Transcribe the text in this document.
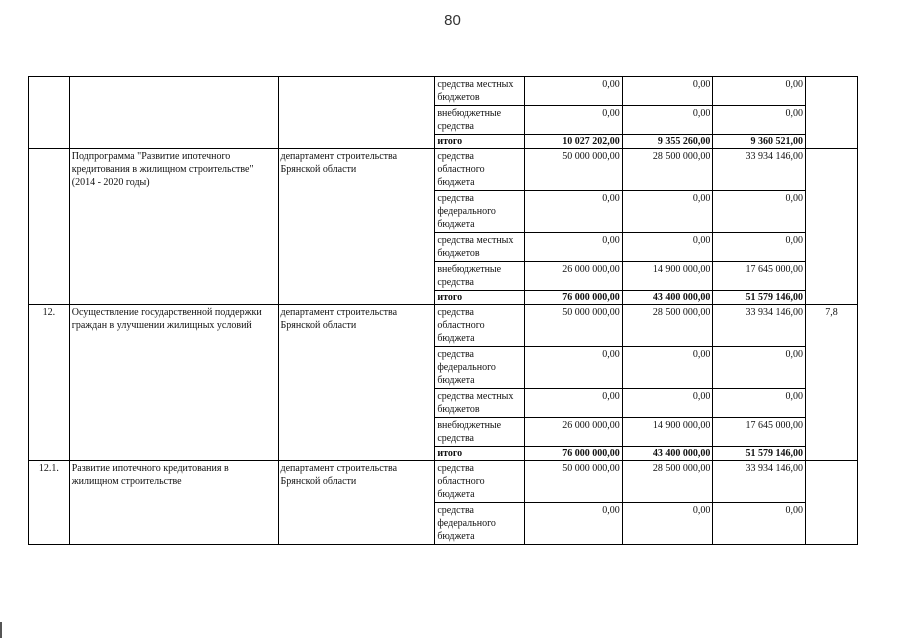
80
			средства местных бюджетов	0,00	0,00	0,00	
			внебюджетные средства	0,00	0,00	0,00	
			итого	10 027 202,00	9 355 260,00	9 360 521,00	
	Подпрограмма "Развитие ипотечного кредитования в жилищном строительстве" (2014 - 2020 годы)	департамент строительства Брянской области	средства областного бюджета	50 000 000,00	28 500 000,00	33 934 146,00	
			средства федерального бюджета	0,00	0,00	0,00	
			средства местных бюджетов	0,00	0,00	0,00	
			внебюджетные средства	26 000 000,00	14 900 000,00	17 645 000,00	
			итого	76 000 000,00	43 400 000,00	51 579 146,00	
12.	Осуществление государственной поддержки граждан в улучшении жилищных условий	департамент строительства Брянской области	средства областного бюджета	50 000 000,00	28 500 000,00	33 934 146,00	7,8
			средства федерального бюджета	0,00	0,00	0,00	
			средства местных бюджетов	0,00	0,00	0,00	
			внебюджетные средства	26 000 000,00	14 900 000,00	17 645 000,00	
			итого	76 000 000,00	43 400 000,00	51 579 146,00	
12.1.	Развитие ипотечного кредитования в жилищном строительстве	департамент строительства Брянской области	средства областного бюджета	50 000 000,00	28 500 000,00	33 934 146,00	
			средства федерального бюджета	0,00	0,00	0,00	
